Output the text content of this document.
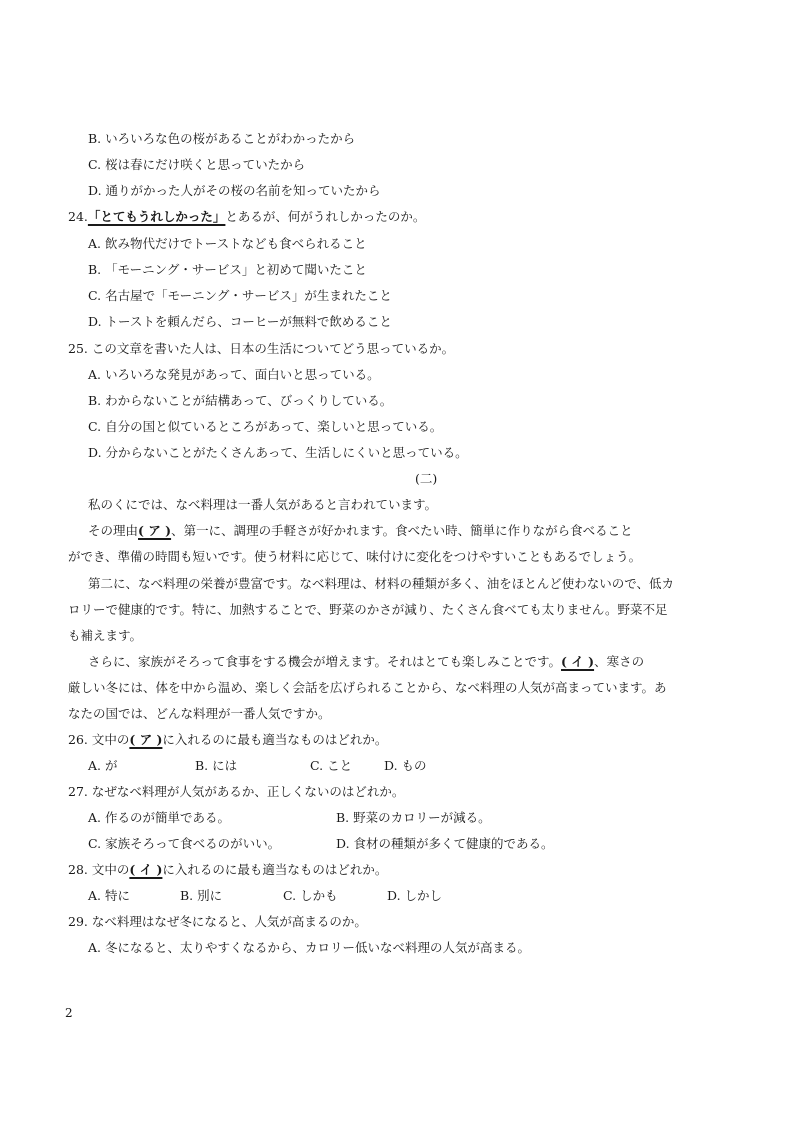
B. いろいろな色の桜があることがわかったから
C. 桜は春にだけ咲くと思っていたから
D. 通りがかった人がその桜の名前を知っていたから
24.「とてもうれしかった」とあるが、何がうれしかったのか。
A. 飲み物代だけでトーストなども食べられること
B. 「モーニング・サービス」と初めて聞いたこと
C. 名古屋で「モーニング・サービス」が生まれたこと
D. トーストを頼んだら、コーヒーが無料で飲めること
25. この文章を書いた人は、日本の生活についてどう思っているか。
A. いろいろな発見があって、面白いと思っている。
B. わからないことが結構あって、びっくりしている。
C. 自分の国と似ているところがあって、楽しいと思っている。
D. 分からないことがたくさんあって、生活しにくいと思っている。
(二)
私のくにでは、なべ料理は一番人気があると言われています。
その理由( ア )、第一に、調理の手軽さが好かれます。食べたい時、簡単に作りながら食べること
ができ、準備の時間も短いです。使う材料に応じて、味付けに変化をつけやすいこともあるでしょう。
第二に、なべ料理の栄養が豊富です。なべ料理は、材料の種類が多く、油をほとんど使わないので、低カ
ロリーで健康的です。特に、加熱することで、野菜のかさが減り、たくさん食べても太りません。野菜不足
も補えます。
さらに、家族がそろって食事をする機会が増えます。それはとても楽しみことです。( イ )、寒さの
厳しい冬には、体を中から温め、楽しく会話を広げられることから、なべ料理の人気が高まっています。あ
なたの国では、どんな料理が一番人気ですか。
26. 文中の( ア )に入れるのに最も適当なものはどれか。
A. が	B. には	C. こと	D. もの
27. なぜなべ料理が人気があるか、正しくないのはどれか。
A. 作るのが簡単である。	B. 野菜のカロリーが減る。
C. 家族そろって食べるのがいい。	D. 食材の種類が多くて健康的である。
28. 文中の( イ )に入れるのに最も適当なものはどれか。
A. 特に	B. 別に	C. しかも	D. しかし
29. なべ料理はなぜ冬になると、人気が高まるのか。
A. 冬になると、太りやすくなるから、カロリー低いなべ料理の人気が高まる。
2
